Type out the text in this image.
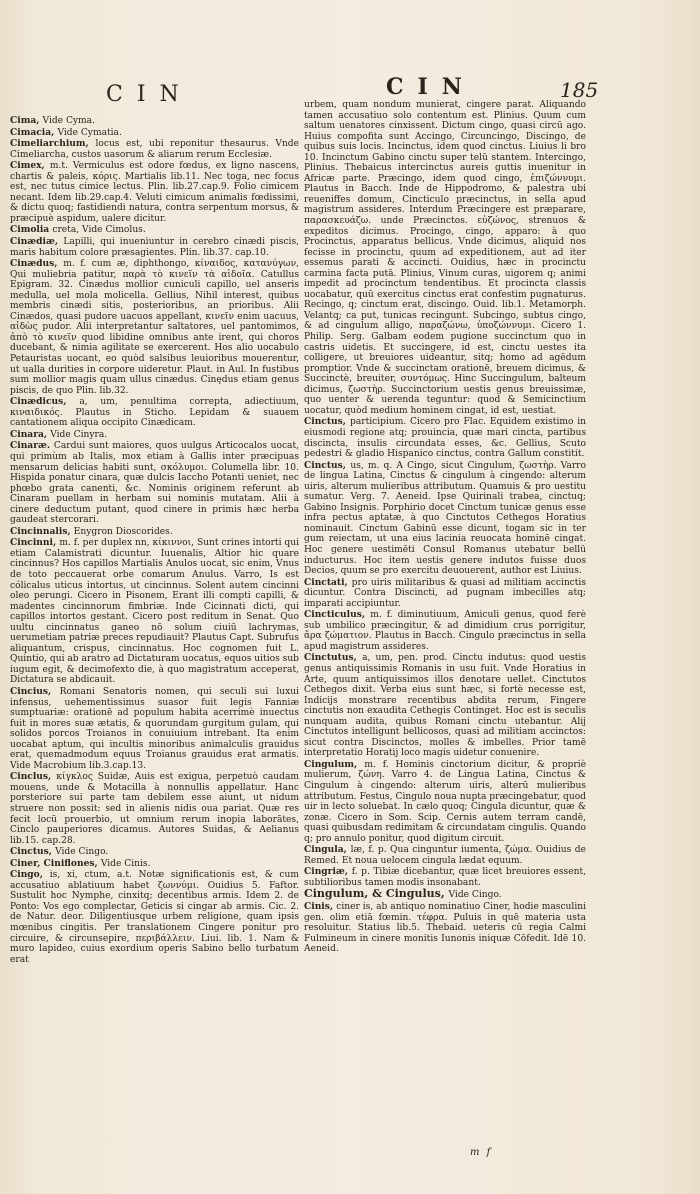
CIN	CIN	185

Cima, Vide Cyma.

Cimacia, Vide Cymatia.

Cimeliarchium, locus est, ubi reponitur thesaurus. Vnde Cimeliarcha, custos uasorum & aliarum rerum Ecclesiæ.

Cimex, m.t. Vermiculus est odore fœdus, ex ligno nascens, chartis & paleis, κόρις. Martialis lib.11. Nec toga, nec focus est, nec tutus cimice lectus. Plin. lib.27.cap.9. Folio cimicem necant. Idem lib.29.cap.4. Veluti cimicum animalis fœdissimi, & dictu quoq; fastidiendi natura, contra serpentum morsus, & præcipuè aspidum, ualere dicitur.

Cimolia creta, Vide Cimolus.

Cinædiæ, Lapilli, qui inueniuntur in cerebro cinædi piscis, maris habitum colore præsagientes. Plin. lib.37. cap.10.

Cinædus, m. f. cum æ, diphthongo, κίναιδος, κατανύγων, Qui muliebria patitur, παρὰ τὸ κινεῖν τὰ αἰδοῖα. Catullus Epigram. 32. Cinædus mollior cuniculi capillo, uel anseris medulla, uel mola molicella. Gellius, Nihil interest, quibus membris cinædi sitis, posterioribus, an prioribus. Alii Cinædos, quasi pudore uacuos appellant, κινεῖν enim uacuus, αἰδὼς pudor. Alii interpretantur saltatores, uel pantomimos, ἀπὸ τὸ κινεῖν quod libidine omnibus ante irent, qui choros ducebant, & nimia agilitate se exercerent. Hos alio uocabulo Petauristas uocant, eo quòd salsibus leuioribus mouerentur, ut ualla durities in corpore uideretur. Plaut. in Aul. In fustibus sum mollior magis quam ullus cinædus. Cinędus etiam genus piscis, de quo Plin. lib.32.

Cinædicus, a, um, penultima correpta, adiectiuum, κιναιδικός. Plautus in Sticho. Lepidam & suauem cantationem aliqua occipito Cinædicam.

Cinara, Vide Cinyra.

Cinaræ. Cardui sunt maiores, quos uulgus Articocalos uocat, qui primùm ab Italis, mox etiam à Gallis inter præcipuas mensarum delicias habiti sunt, σκόλυμοι. Columella libr. 10. Hispida ponatur cinara, quæ dulcis Iaccho Potanti ueniet, nec phœbo grata canenti, &c. Nominis originem referunt ab Cinaram puellam in herbam sui nominis mutatam. Alii à cinere deductum putant, quod cinere in primis hæc herba gaudeat stercorari.

Cincinnalis, Enygron Dioscorides.

Cincinni, m. f. per duplex nn, κίκιννοι, Sunt crines intorti qui etiam Calamistrati dicuntur. Iuuenalis, Altior hic quare cincinnus? Hos capillos Martialis Anulos uocat, sic enim, Vnus de toto peccauerat orbe comarum Anulus. Varro, Is est cólicalus uticus intortus, ut cincinnus. Solent autem cincinni oleo perungi. Cicero in Pisonem, Erant illi compti capilli, & madentes cincinnorum fimbriæ. Inde Cicinnati dicti, qui capillos intortos gestant. Cicero post reditum in Senat. Quo uultu cincinnatus ganeo nō solum ciuiū lachrymas, uerumetiam patriæ preces repudiauit? Plautus Capt. Subrufus aliquantum, crispus, cincinnatus. Hoc cognomen fuit L. Quintio, qui ab aratro ad Dictaturam uocatus, equos uitios sub iugum egit, & decimofexto die, à quo magistratum acceperat, Dictatura se abdicauit.

Cincius, Romani Senatoris nomen, qui seculi sui luxui infensus, uehementissimus suasor fuit legis Fanniæ sumptuariæ: orationē ad populum habita acerrimè inuectus fuit in mores suæ ætatis, & quorundam gurgitum gulam, qui solidos porcos Troianos in conuiuium intrebant. Ita enim uocabat aptum, qui incultis minoribus animalculis grauidus erat, quemadmodum equus Troianus grauidus erat armatis. Vide Macrobium lib.3.cap.13.

Cinclus, κίγκλος Suidæ, Auis est exigua, perpetuò caudam mouens, unde & Motacilla à nonnullis appellatur. Hanc porsteriore sui parte tam debilem esse aiunt, ut nidum struere non possit: sed in alienis nidis oua pariat. Quæ res fecit locū prouerbio, ut omnium rerum inopia laborātes, Cinclo pauperiores dicamus. Autores Suidas, & Aelianus lib.15. cap.28.

Cinctus, Vide Cingo.

Ciner, Ciniflones, Vide Cinis.

Cingo, is, xi, ctum, a.t. Notæ significationis est, & cum accusatiuo ablatiuum habet ζωννύμι. Ouidius 5. Faftor. Sustulit hoc Nymphe, cinxitq; decentibus armis. Idem 2. de Ponto: Vos ego complectar, Geticis si cingar ab armis. Cic. 2. de Natur. deor. Diligentiusque urbem religione, quam ipsis mœnibus cingitis. Per translationem Cingere ponitur pro circuire, & circunsepire, περιβάλλειν. Liui. lib. 1. Nam & muro lapideo, cuius exordium operis Sabino bello turbatum erat

urbem, quam nondum munierat, cingere parat. Aliquando tamen accusatiuo solo contentum est. Plinius. Quum cum saltum uenatores cinxissent. Dictum cingo, quasi circū ago. Huius compofita sunt Accingo, Circuncingo, Discingo, de quibus suis locis. Incinctus, idem quod cinctus. Liuius li bro 10. Incinctum Gabino cinctu super telū stantem. Intercingo, Plinius. Thebaicus intercinctus aureis guttis inuenitur in Africæ parte. Præcingo, idem quod cingo, ἐπιζώννυμι. Plautus in Bacch. Inde de Hippodromo, & palestra ubi reueniffes domum, Cincticulo præcinctus, in sella apud magistrum assideres. Interdum Præcingere est præparare, παρασκευάζω. unde Præcinctos. εὐζώνος, strenuos & expeditos dicimus. Procingo, cingo, apparo: à quo Procinctus, apparatus bellicus. Vnde dicimus, aliquid nos fecisse in procinctu, quum ad expeditionem, aut ad iter essemus parati & accincti. Ouidius, hæc in procinctu carmina facta putā. Plinius, Vinum curas, uigorem q; animi impedit ad procinctum tendentibus. Et procincta classis uocabatur, quū exercitus cinctus erat confestim pugnaturus. Recingo, q; cinctum erat, discingo. Ouid. lib.1. Metamorph. Velantq; ca put, tunicas recingunt. Subcingo, subtus cingo, & ad cingulum alligo, παραζώνω, ὑποζώννυμι. Cicero 1. Philip. Serg. Galbam eodem pugione succinctum quo in castris uidetis. Et succingere, id est, cinctu uestes ita colligere, ut breuiores uideantur, sitq; homo ad agēdum promptior. Vnde & succinctam orationē, breuem dicimus, & Succinctè, breuiter, συντόμως. Hinc Succingulum, balteum dicimus, ζωστὴρ. Succinctorium uestis genus breuissimæ, quo uenter & uerenda teguntur: quod & Semicinctium uocatur, quòd medium hominem cingat, id est, uestiat.

Cinctus, participium. Cicero pro Flac. Equidem existimo in eiusmodi regione atq; prouincia, quæ mari cincta, partibus discincta, insulis circundata esses, &c. Gellius, Scuto pedestri & gladio Hispanico cinctus, contra Gallum constitit.

Cinctus, us, m. q. A Cingo, sicut Cingulum, ζωστὴρ. Varro de lingua Latina, Cinctus & cingulum à cingendo: alterum uiris, alterum mulieribus attributum. Quamuis & pro uestitu sumatur. Verg. 7. Aeneid. Ipse Quirinali trabea, cinctuq; Gabino Insignis. Porphirio docet Cinctum tunicæ genus esse infra pectus aptatæ, à quo Cinctutos Cethegos Horatius nominauit. Cinctum Gabinū esse dicunt, togam sic in ter gum reiectam, ut una eius lacinia reuocata hominē cingat. Hoc genere uestimēti Consul Romanus utebatur bellū inducturus. Hoc item uestis genere indutos fuisse duos Decios, quum se pro exercitu deuouerent, author est Liuius.

Cinctati, pro uiris militaribus & quasi ad militiam accinctis dicuntur. Contra Discincti, ad pugnam imbecilles atq; imparati accipiuntur.

Cincticulus, m. f. diminutiuum, Amiculi genus, quod ferè sub umbilico præcingitur, & ad dimidium crus porrigitur, ἄρα ζώματιον. Plautus in Bacch. Cingulo præcinctus in sella apud magistrum assideres.

Cinctutus, a, um, pen. prod. Cinctu indutus: quod uestis genus antiquissimis Romanis in usu fuit. Vnde Horatius in Arte, quum antiquissimos illos denotare uellet. Cinctutos Cethegos dixit. Verba eius sunt hæc, si fortè necesse est, Indicijs monstrare recentibus abdita rerum, Fingere cinctutis non exaudita Cethegis Continget. Hoc est is seculis nunquam audita, quibus Romani cinctu utebantur. Alij Cinctutos intelligunt bellicosos, quasi ad militiam accinctos: sicut contra Discinctos, molles & imbelles. Prior tamē interpretatio Horatij loco magis uidetur conuenire.

Cingulum, m. f. Hominis cinctorium dicitur, & propriè mulierum, ζώνη. Varro 4. de Lingua Latina, Cinctus & Cingulum à cingendo: alterum uiris, alterū mulieribus attributum. Festus, Cingulo noua nupta præcingebatur, quod uir in lecto soluebat. In cælo quoq; Cingula dicuntur, quæ & zonæ. Cicero in Som. Scip. Cernis autem terram candē, quasi quibusdam redimitam & circundatam cingulis. Quando q; pro annulo ponitur, quod digitum circuit.

Cingula, læ, f. p. Qua cinguntur iumenta, ζώμα. Ouidius de Remed. Et noua uelocem cingula lædat equum.

Cingriæ, f. p. Tibiæ dicebantur, quæ licet breuiores essent, subtilioribus tamen modis insonabant.

Cingulum, & Cingulus, Vide Cingo.

Cinis, ciner is, ab antiquo nominatiuo Ciner, hodie masculini gen. olim etiā fœmin. τέφρα. Puluis in quē materia usta resoluitur. Statius lib.5. Thebaid. ueteris cū regia Calmi Fulmineum in cinere monitis Iunonis iniquæ Cōfedit. Idē 10. Aeneid.

m f
